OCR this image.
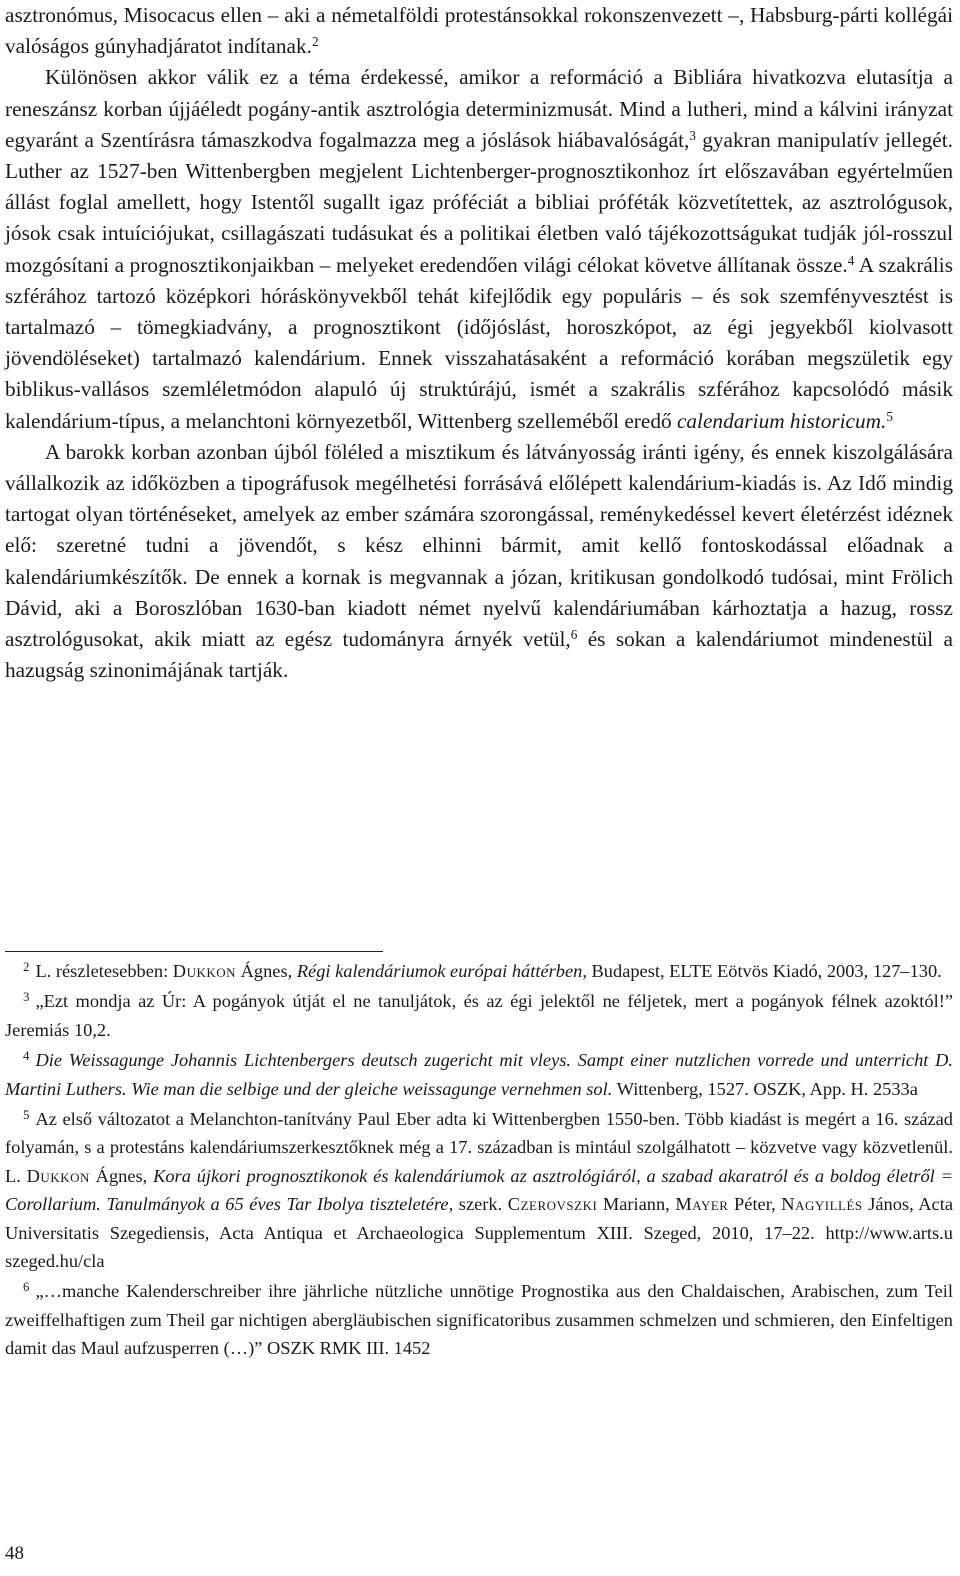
asztronómus, Misocacus ellen – aki a németalföldi protestánsokkal rokonszenvezett –, Habsburg-párti kollégái valóságos gúnyhadjáratot indítanak.$^2$

Különösen akkor válik ez a téma érdekessé, amikor a reformáció a Bibliára hivatkozva elutasítja a reneszánsz korban újjáéledt pogány-antik asztrológia determinizmusát. Mind a lutheri, mind a kálvini irányzat egyaránt a Szentírásra támaszkodva fogalmazza meg a jóslások hiábavalóságát,$^3$ gyakran manipulatív jellegét. Luther az 1527-ben Wittenbergben megjelent Lichtenberger-prognosztikonhoz írt előszavában egyértelműen állást foglal amellett, hogy Istentől sugallt igaz próféciát a bibliai próféták közvetítettek, az asztrológusok, jósok csak intuíciójukat, csillagászati tudásukat és a politikai életben való tájékozottságukat tudják jól-rosszul mozgósítani a prognosztikonjaikban – melyeket eredendően világi célokat követve állítanak össze.$^4$ A szakrális szférához tartozó középkori hóráskönyvekből tehát kifejlődik egy populáris – és sok szemfényvesztést is tartalmazó – tömegkiadvány, a prognosztikont (időjóslást, horoszkópot, az égi jegyekből kiolvasott jövendöléseket) tartalmazó kalendárium. Ennek visszahatásaként a reformáció korában megszületik egy biblikus-vallásos szemléletmódon alapuló új struktúrájú, ismét a szakrális szférához kapcsolódó másik kalendárium-típus, a melanchtoni környezetből, Wittenberg szelleméből eredő calendarium historicum.$^5$

A barokk korban azonban újból föléled a misztikum és látványosság iránti igény, és ennek kiszolgálására vállalkozik az időközben a tipográfusok megélhetési forrásává előlépett kalendárium-kiadás is. Az Idő mindig tartogat olyan történéseket, amelyek az ember számára szorongással, reménykedéssel kevert életérzést idéznek elő: szeretné tudni a jövendőt, s kész elhinni bármit, amit kellő fontoskodással előadnak a kalendáriumkészítők. De ennek a kornak is megvannak a józan, kritikusan gondolkodó tudósai, mint Frölich Dávid, aki a Boroszlóban 1630-ban kiadott német nyelvű kalendáriumában kárhoztatja a hazug, rossz asztrológusokat, akik miatt az egész tudományra árnyék vetül,$^6$ és sokan a kalendáriumot mindenestül a hazugság szinonimájának tartják.

$^2$ L. részletesebben: Dukkon Ágnes, Régi kalendáriumok európai háttérben, Budapest, ELTE Eötvös Kiadó, 2003, 127–130.

$^3$ „Ezt mondja az Úr: A pogányok útját el ne tanuljátok, és az égi jelektől ne féljetek, mert a pogányok félnek azoktól!” Jeremiás 10,2.

$^4$ Die Weissagunge Johannis Lichtenbergers deutsch zugericht mit vleys. Sampt einer nutzlichen vorrede und unterricht D. Martini Luthers. Wie man die selbige und der gleiche weissagunge vernehmen sol. Wittenberg, 1527. OSZK, App. H. 2533a

$^5$ Az első változatot a Melanchton-tanítvány Paul Eber adta ki Wittenbergben 1550-ben. Több kiadást is megért a 16. század folyamán, s a protestáns kalendáriumszerkesztőknek még a 17. században is mintául szolgálhatott – közvetve vagy közvetlenül. L. Dukkon Ágnes, Kora újkori prognosztikonok és kalendáriumok az asztrológiáról, a szabad akaratról és a boldog életről = Corollarium. Tanulmányok a 65 éves Tar Ibolya tiszteletére, szerk. Czerovszki Mariann, Mayer Péter, Nagyillés János, Acta Universitatis Szegediensis, Acta Antiqua et Archaeologica Supplementum XIII. Szeged, 2010, 17–22. http://www.arts.u szeged.hu/cla

$^6$ „…manche Kalenderschreiber ihre jährliche nützliche unnötige Prognostika aus den Chaldaischen, Arabischen, zum Teil zweiffelhaftigen zum Theil gar nichtigen abergläubischen significatoribus zusammen schmelzen und schmieren, den Einfeltigen damit das Maul aufzusperren (…)” OSZK RMK III. 1452

48
